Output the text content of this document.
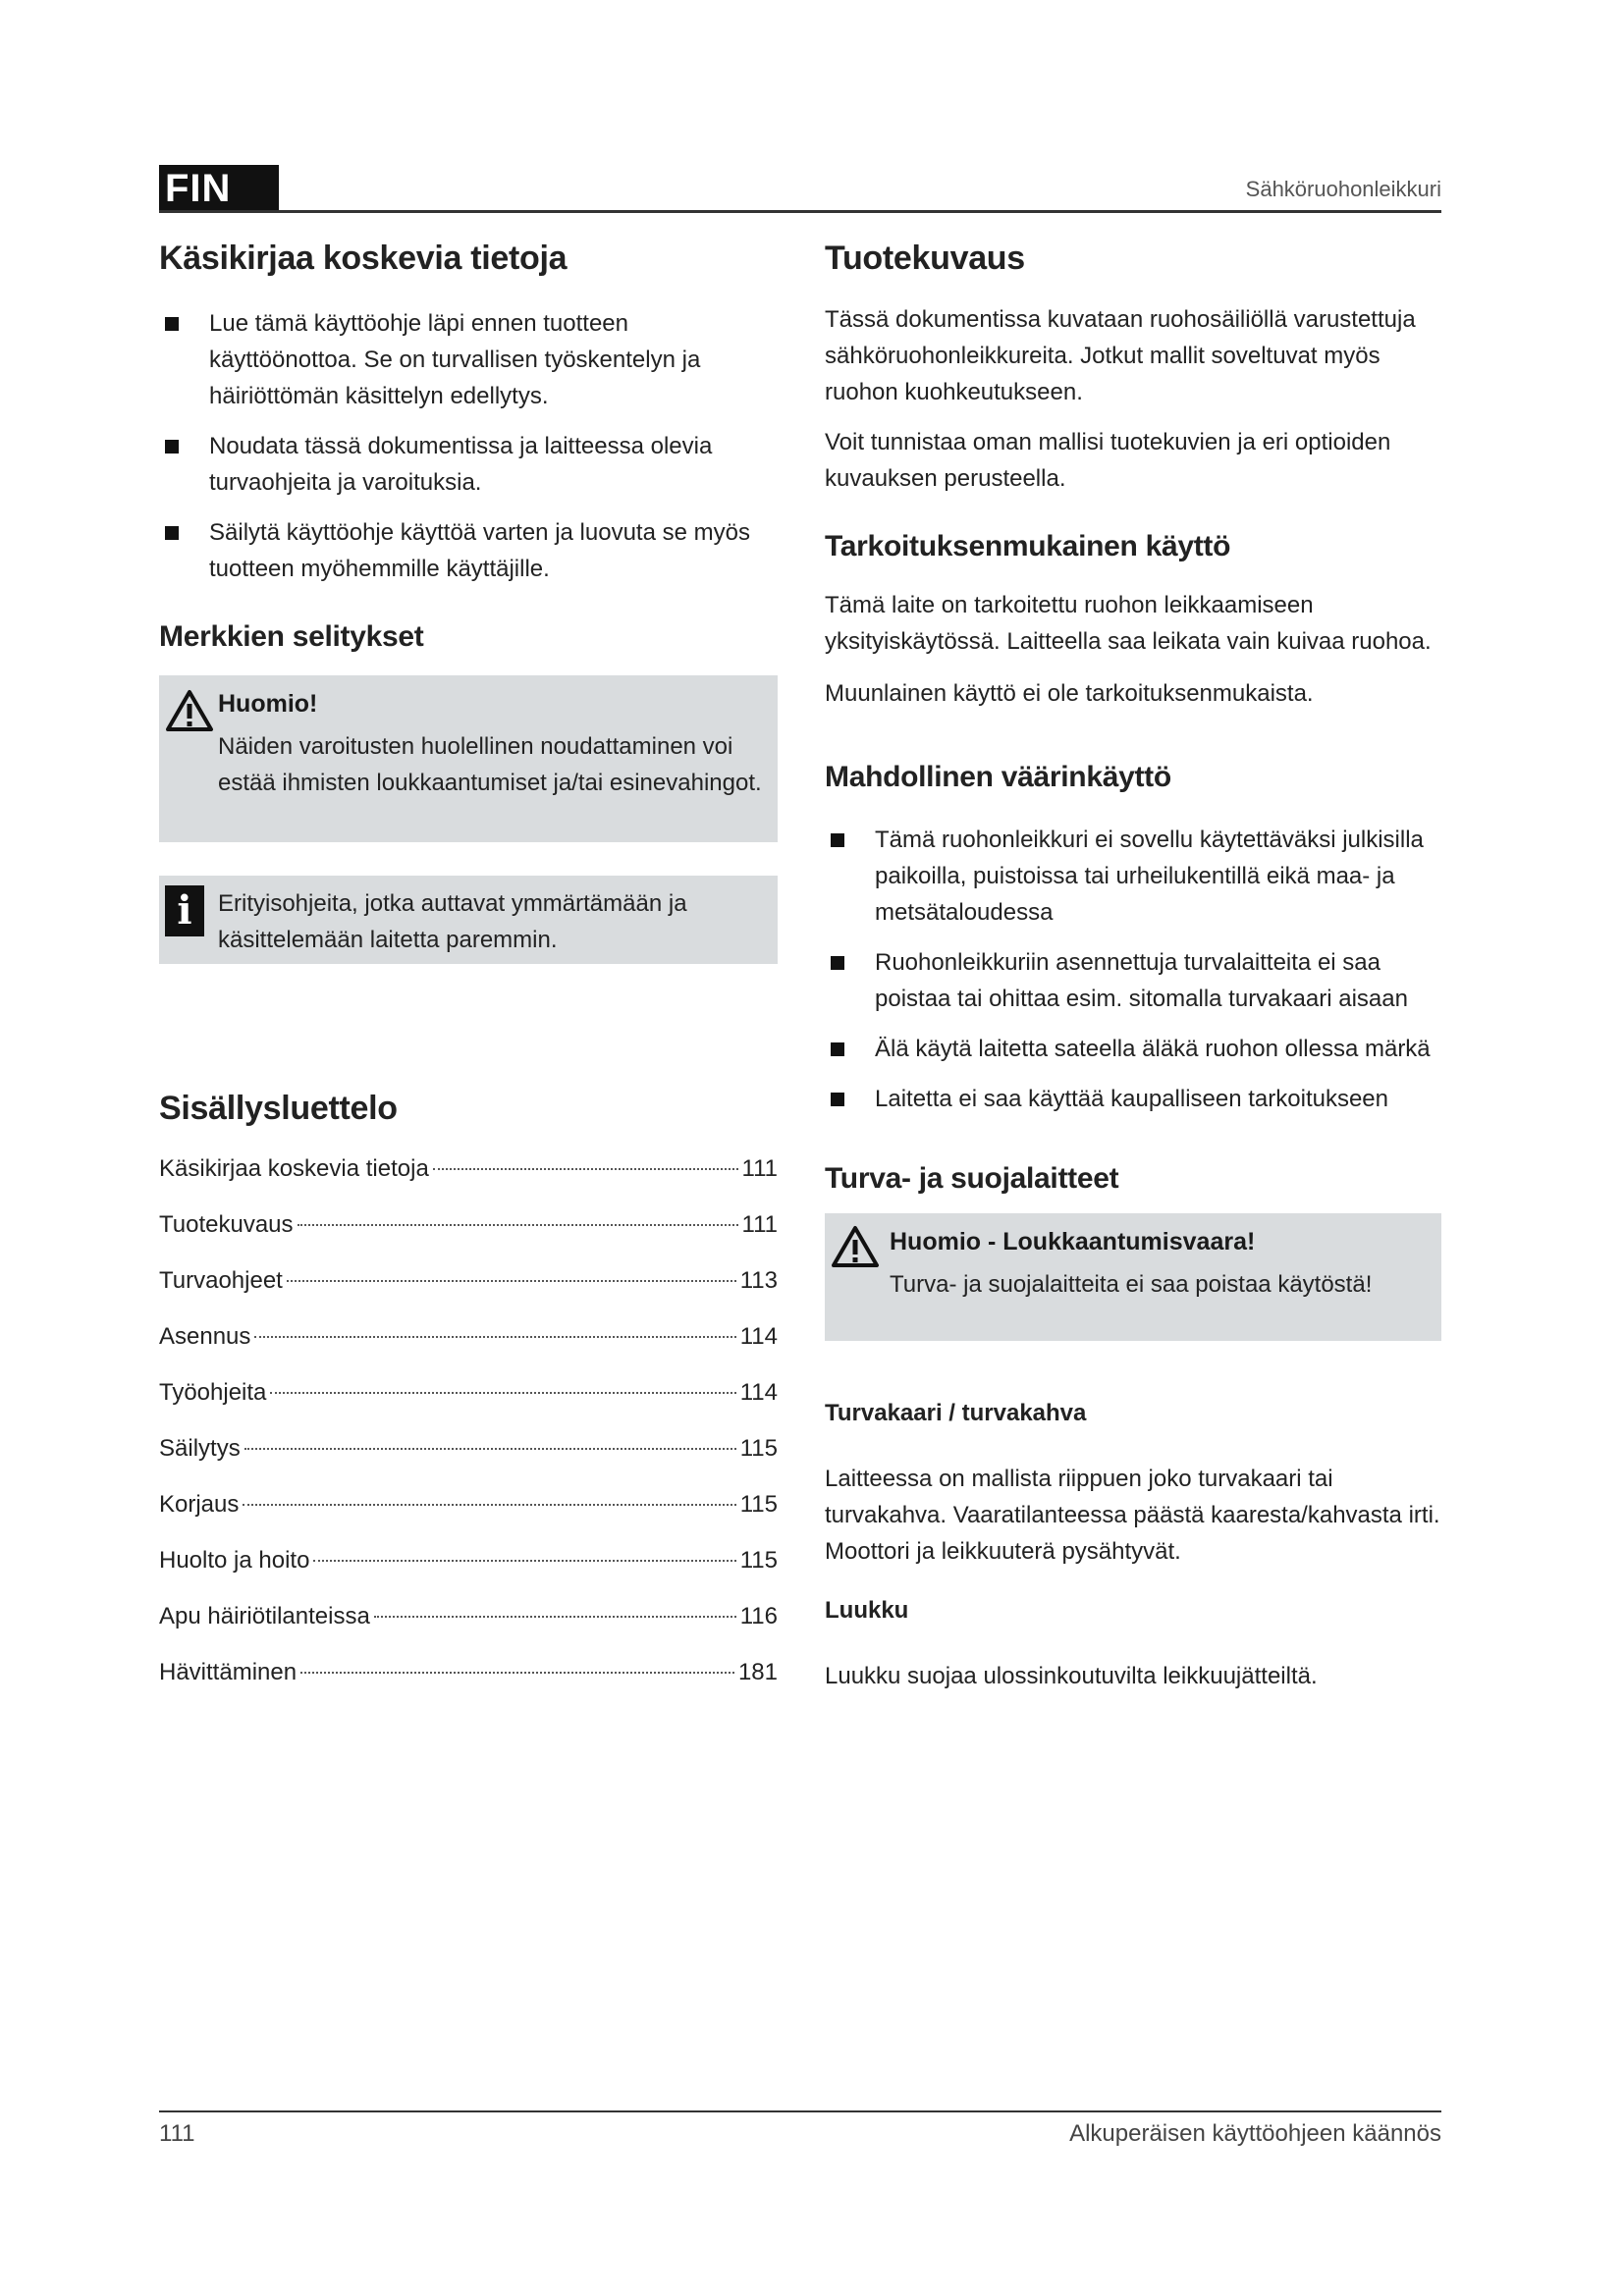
FIN	Sähköruohonleikkuri
Käsikirjaa koskevia tietoja
Lue tämä käyttöohje läpi ennen tuotteen käyttöönottoa. Se on turvallisen työskentelyn ja häiriöttömän käsittelyn edellytys.
Noudata tässä dokumentissa ja laitteessa olevia turvaohjeita ja varoituksia.
Säilytä käyttöohje käyttöä varten ja luovuta se myös tuotteen myöhemmille käyttäjille.
Merkkien selitykset
Huomio!

Näiden varoitusten huolellinen noudattaminen voi estää ihmisten loukkaantumiset ja/tai esinevahingot.

i	Erityisohjeita, jotka auttavat ymmärtämään ja käsittelemään laitetta paremmin.

Sisällysluettelo
Käsikirjaa koskevia tietoja	111
Tuotekuvaus	111
Turvaohjeet	113
Asennus	114
Työohjeita	114
Säilytys	115
Korjaus	115
Huolto ja hoito	115
Apu häiriötilanteissa	116
Hävittäminen	181
Tuotekuvaus

Tässä dokumentissa kuvataan ruohosäiliöllä varustettuja sähköruohonleikkureita. Jotkut mallit soveltuvat myös ruohon kuohkeutukseen.

Voit tunnistaa oman mallisi tuotekuvien ja eri optioiden kuvauksen perusteella.

Tarkoituksenmukainen käyttö

Tämä laite on tarkoitettu ruohon leikkaamiseen yksityiskäytössä. Laitteella saa leikata vain kuivaa ruohoa.

Muunlainen käyttö ei ole tarkoituksenmukaista.

Mahdollinen väärinkäyttö
Tämä ruohonleikkuri ei sovellu käytettäväksi julkisilla paikoilla, puistoissa tai urheilukentillä eikä maa- ja metsätaloudessa
Ruohonleikkuriin asennettuja turvalaitteita ei saa poistaa tai ohittaa esim. sitomalla turvakaari aisaan
Älä käytä laitetta sateella äläkä ruohon ollessa märkä
Laitetta ei saa käyttää kaupalliseen tarkoitukseen
Turva- ja suojalaitteet
Huomio - Loukkaantumisvaara!

Turva- ja suojalaitteita ei saa poistaa käytöstä!

Turvakaari / turvakahva

Laitteessa on mallista riippuen joko turvakaari tai turvakahva. Vaaratilanteessa päästä kaaresta/kahvasta irti. Moottori ja leikkuuterä pysähtyvät.

Luukku

Luukku suojaa ulossinkoutuvilta leikkuujätteiltä.

111	Alkuperäisen käyttöohjeen käännös
